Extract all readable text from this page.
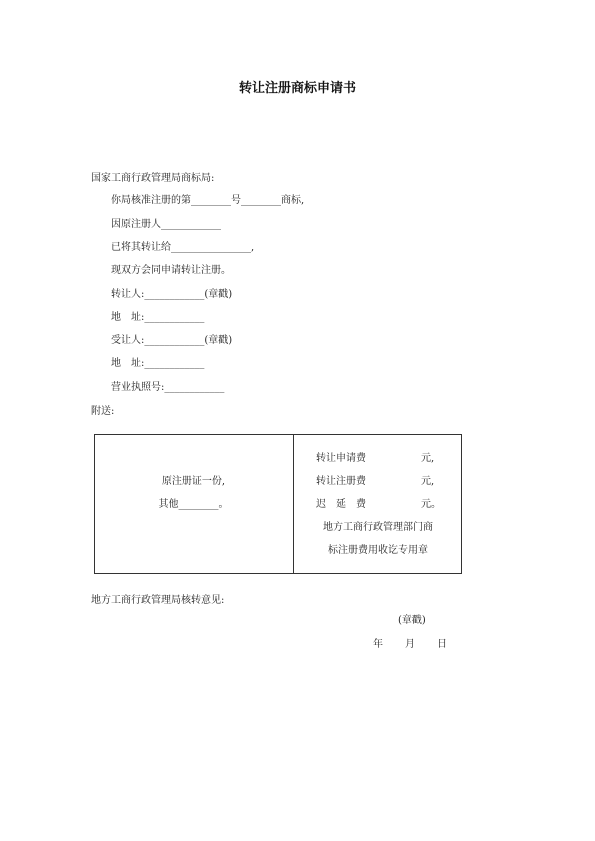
转让注册商标申请书
国家工商行政管理局商标局:
你局核准注册的第________号________商标,
因原注册人____________
已将其转让给________________,
现双方会同申请转让注册。
转让人:____________(章戳)
地　址:____________
受让人:____________(章戳)
地　址:____________
营业执照号:____________
附送:
原注册证一份,
其他________。
转让申请费	元,
转让注册费	元,
迟　延　费	元。
地方工商行政管理部门商
标注册费用收讫专用章
地方工商行政管理局核转意见:
(章戳)
年 月 日
